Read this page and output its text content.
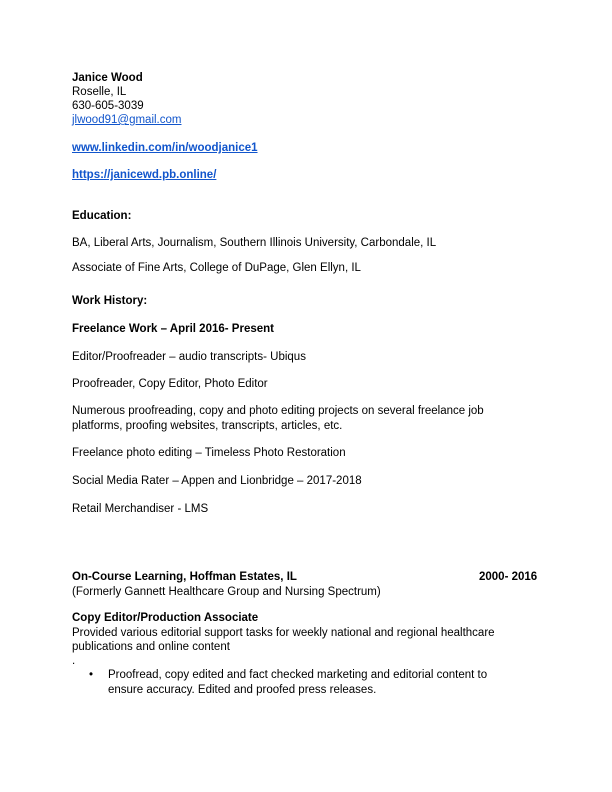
Janice Wood
Roselle, IL
630-605-3039
jlwood91@gmail.com
www.linkedin.com/in/woodjanice1
https://janicewd.pb.online/
Education:
BA, Liberal Arts, Journalism, Southern Illinois University, Carbondale, IL
Associate of Fine Arts, College of DuPage, Glen Ellyn, IL
Work History:
Freelance Work – April 2016- Present
Editor/Proofreader – audio transcripts- Ubiqus
Proofreader, Copy Editor, Photo Editor
Numerous proofreading, copy and photo editing projects on several freelance job
platforms, proofing websites, transcripts, articles, etc.
Freelance photo editing – Timeless Photo Restoration
Social Media Rater – Appen and Lionbridge – 2017-2018
Retail Merchandiser - LMS
On-Course Learning, Hoffman Estates, IL	2000- 2016
(Formerly Gannett Healthcare Group and Nursing Spectrum)
Copy Editor/Production Associate
Provided various editorial support tasks for weekly national and regional healthcare
publications and online content
.
• Proofread, copy edited and fact checked marketing and editorial content to
ensure accuracy. Edited and proofed press releases.
